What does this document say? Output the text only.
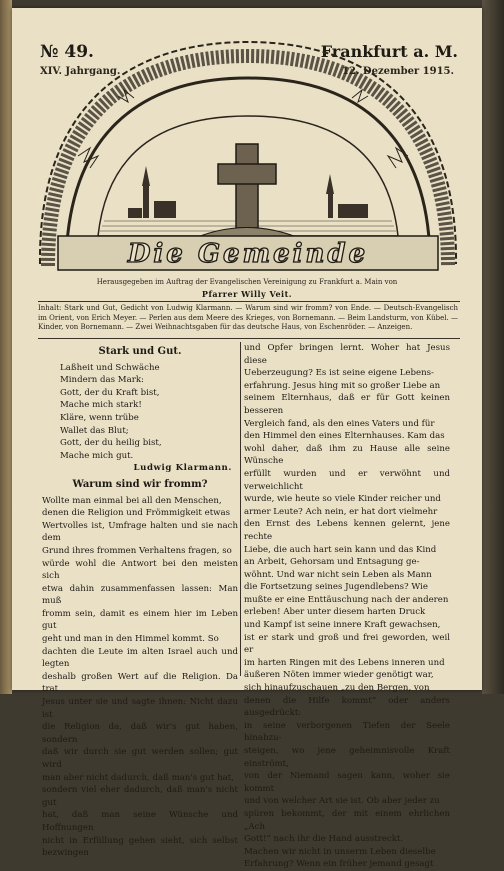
№ 49.	Frankfurt a. M.
XIV. Jahrgang.	12. Dezember 1915.
Die Gemeinde
Herausgegeben im Auftrag der Evangelischen Vereinigung zu Frankfurt a. Main von
Pfarrer Willy Veit.
Inhalt: Stark und Gut, Gedicht von Ludwig Klarmann. — Warum sind wir fromm? von Ende. — Deutsch-Evangelisch im Orient, von Erich Meyer. — Perlen aus dem Meere des Krieges, von Bornemann. — Beim Landsturm, von Kübel. — Kinder, von Bornemann. — Zwei Weihnachtsgaben für das deutsche Haus, von Eschenröder. — Anzeigen.
Stark und Gut.
Laßheit und Schwäche
Mindern das Mark:
Gott, der du Kraft bist,
Mache mich stark!
Kläre, wenn trübe
Wallet das Blut;
Gott, der du heilig bist,
Mache mich gut.
Ludwig Klarmann.
Warum sind wir fromm?
Wollte man einmal bei all den Menschen,
denen die Religion und Frömmigkeit etwas
Wertvolles ist, Umfrage halten und sie nach dem
Grund ihres frommen Verhaltens fragen, so
würde wohl die Antwort bei den meisten sich
etwa dahin zusammenfassen lassen: Man muß
fromm sein, damit es einem hier im Leben gut
geht und man in den Himmel kommt. So
dachten die Leute im alten Israel auch und legten
deshalb großen Wert auf die Religion. Da trat
Jesus unter sie und sagte ihnen: Nicht dazu ist
die Religion da, daß wir's gut haben, sondern
daß wir durch sie gut werden sollen; gut wird
man aber nicht dadurch, daß man's gut hat,
sondern viel eher dadurch, daß man's nicht gut
hat, daß man seine Wünsche und Hoffnungen
nicht in Erfüllung gehen sieht, sich selbst bezwingen
und Opfer bringen lernt. Woher hat Jesus diese
Ueberzeugung? Es ist seine eigene Lebens-
erfahrung. Jesus hing mit so großer Liebe an
seinem Elternhaus, daß er für Gott keinen besseren
Vergleich fand, als den eines Vaters und für
den Himmel den eines Elternhauses. Kam das
wohl daher, daß ihm zu Hause alle seine Wünsche
erfüllt wurden und er verwöhnt und verweichlicht
wurde, wie heute so viele Kinder reicher und
armer Leute? Ach nein, er hat dort vielmehr
den Ernst des Lebens kennen gelernt, jene rechte
Liebe, die auch hart sein kann und das Kind
an Arbeit, Gehorsam und Entsagung ge-
wöhnt. Und war nicht sein Leben als Mann
die Fortsetzung seines Jugendlebens? Wie
mußte er eine Enttäuschung nach der anderen
erleben! Aber unter diesem harten Druck
und Kampf ist seine innere Kraft gewachsen,
ist er stark und groß und frei geworden, weil er
im harten Ringen mit des Lebens inneren und
äußeren Nöten immer wieder genötigt war,
sich hinaufzuschauen „zu den Bergen, von
denen die Hilfe kommt“ oder anders ausgedrückt:
in seine verborgenen Tiefen der Seele hinabzu-
steigen, wo jene geheimnisvolle Kraft einströmt,
von der Niemand sagen kann, woher sie kommt
und von welcher Art sie ist. Ob aber jeder zu
spüren bekommt, der mit einem ehrlichen „Ach
Gott!“ nach ihr die Hand ausstreckt.
Machen wir nicht in unserm Leben dieselbe
Erfahrung? Wenn ein früher jemand gesagt
